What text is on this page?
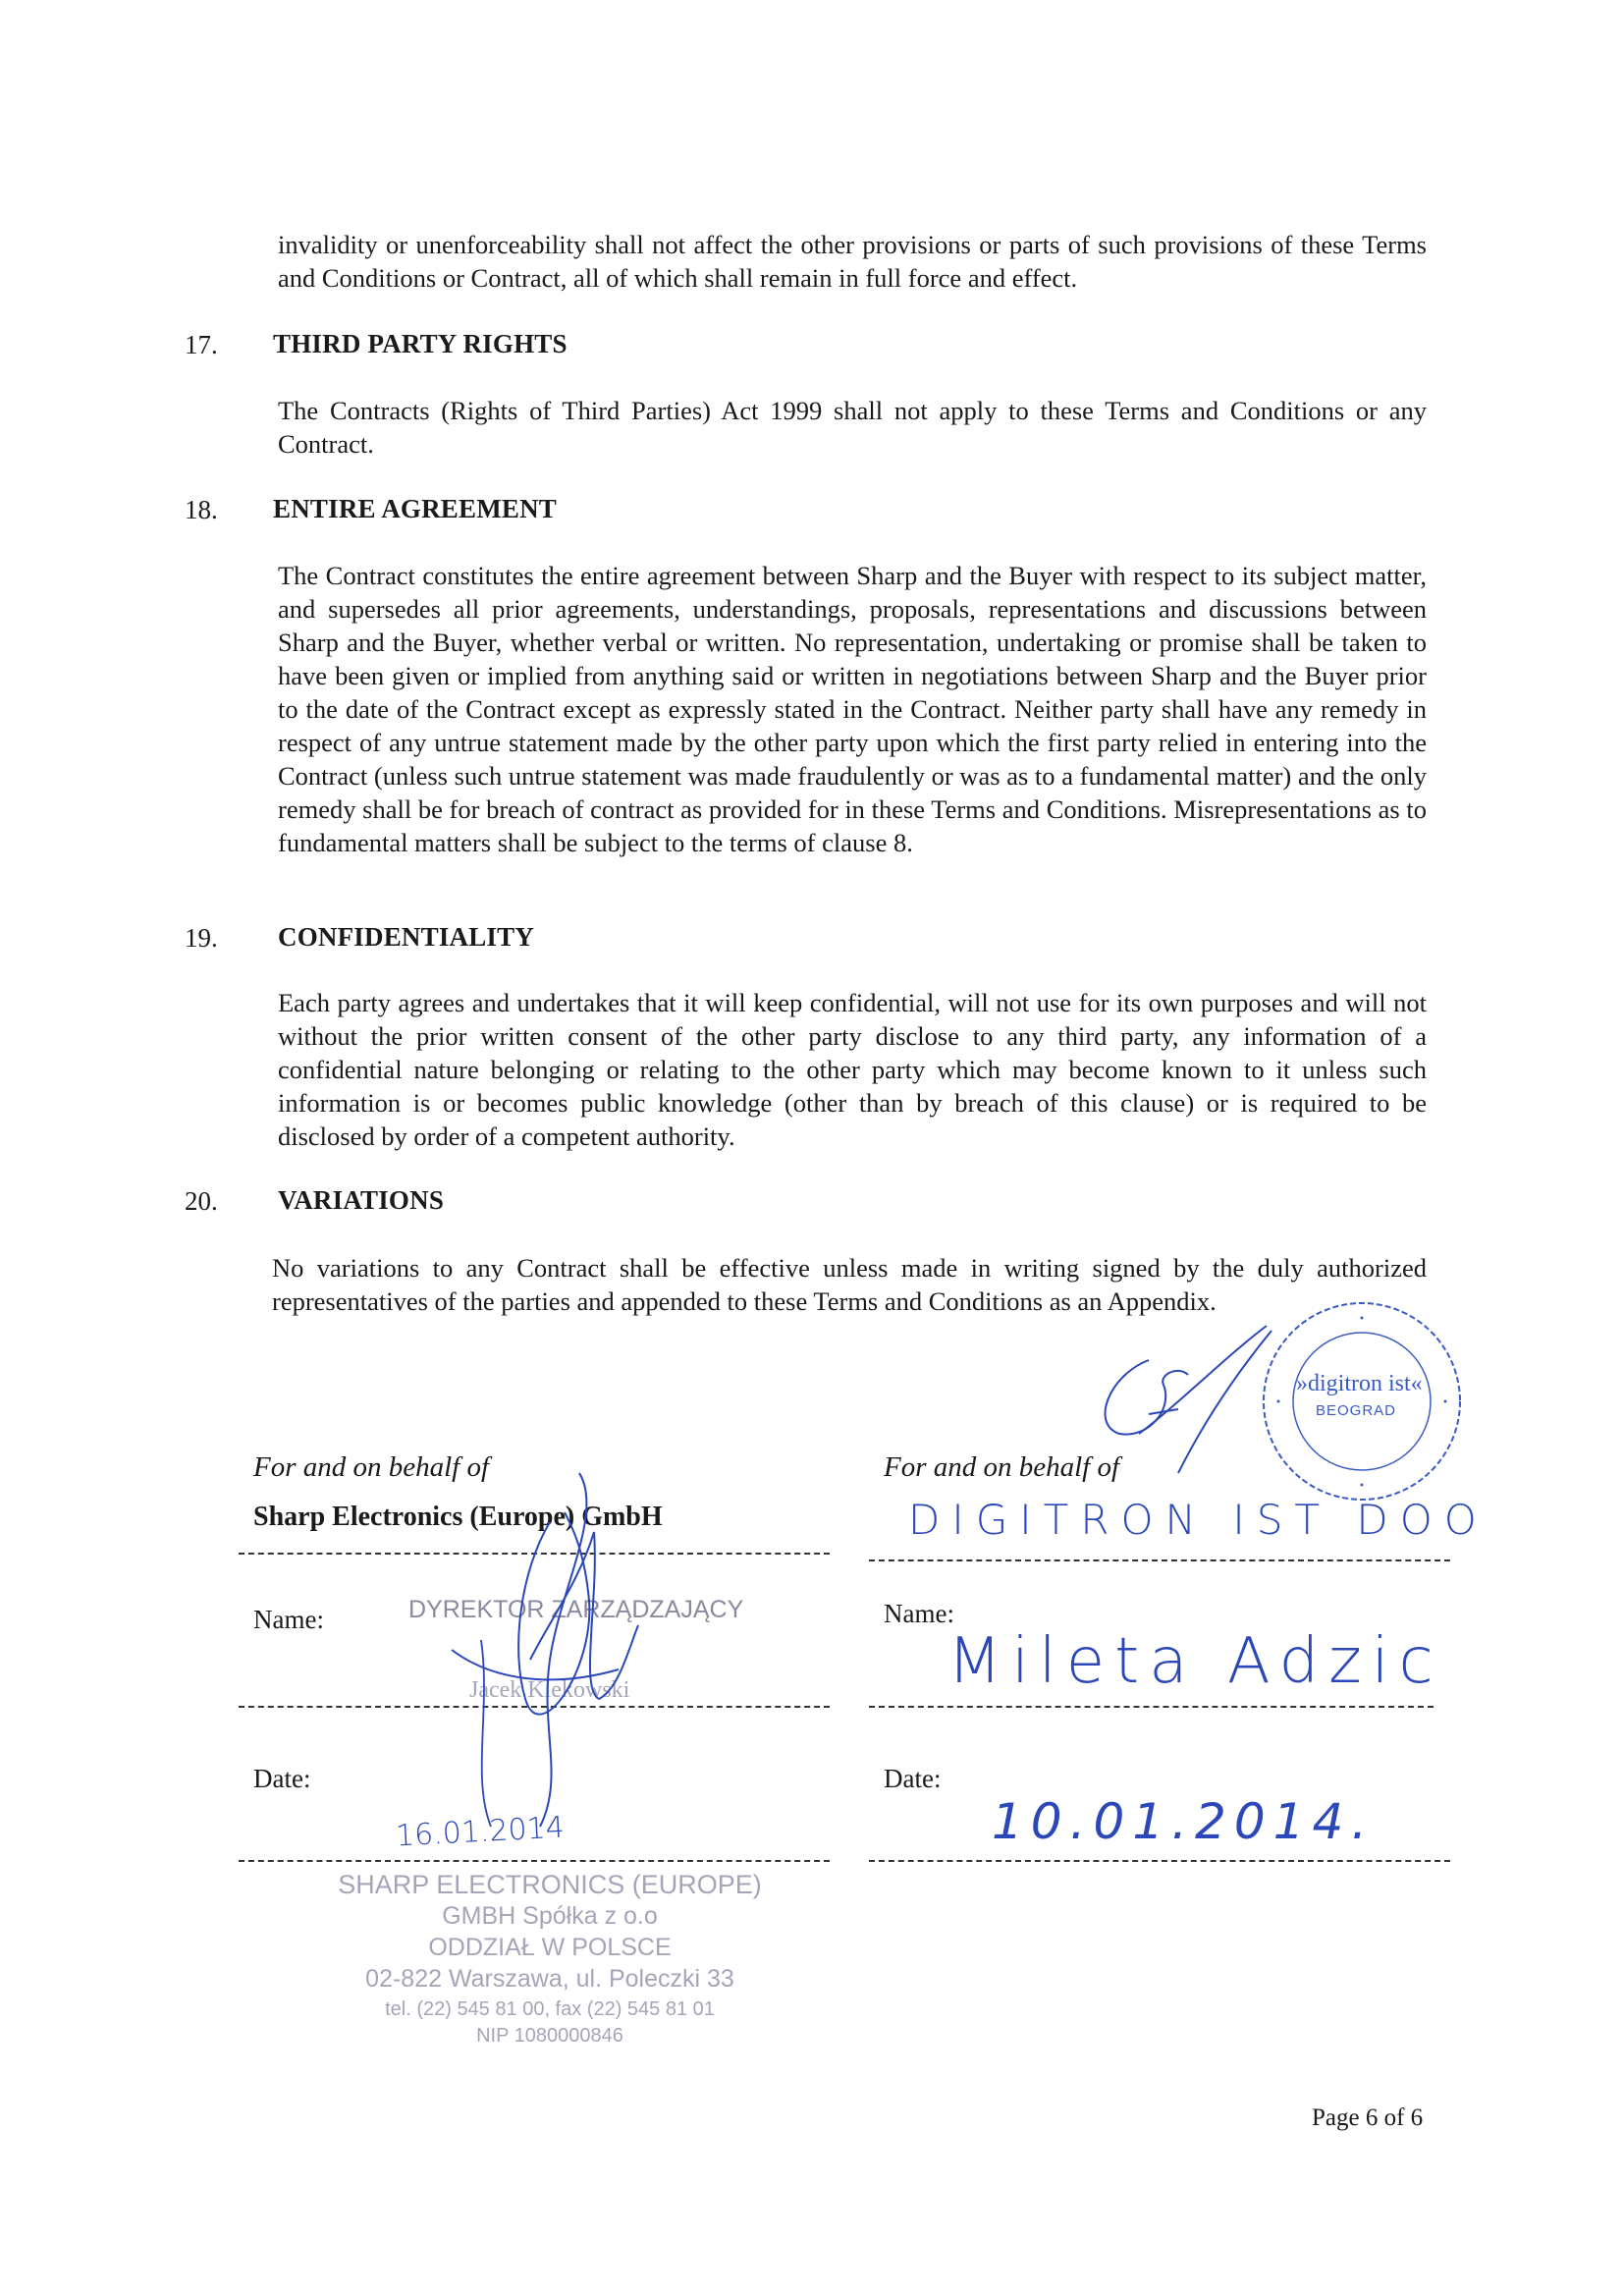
invalidity or unenforceability shall not affect the other provisions or parts of such provisions of these Terms and Conditions or Contract, all of which shall remain in full force and effect.

17. THIRD PARTY RIGHTS

The Contracts (Rights of Third Parties) Act 1999 shall not apply to these Terms and Conditions or any Contract.

18. ENTIRE AGREEMENT

The Contract constitutes the entire agreement between Sharp and the Buyer with respect to its subject matter, and supersedes all prior agreements, understandings, proposals, representations and discussions between Sharp and the Buyer, whether verbal or written. No representation, undertaking or promise shall be taken to have been given or implied from anything said or written in negotiations between Sharp and the Buyer prior to the date of the Contract except as expressly stated in the Contract. Neither party shall have any remedy in respect of any untrue statement made by the other party upon which the first party relied in entering into the Contract (unless such untrue statement was made fraudulently or was as to a fundamental matter) and the only remedy shall be for breach of contract as provided for in these Terms and Conditions. Misrepresentations as to fundamental matters shall be subject to the terms of clause 8.

19. CONFIDENTIALITY

Each party agrees and undertakes that it will keep confidential, will not use for its own purposes and will not without the prior written consent of the other party disclose to any third party, any information of a confidential nature belonging or relating to the other party which may become known to it unless such information is or becomes public knowledge (other than by breach of this clause) or is required to be disclosed by order of a competent authority.

20. VARIATIONS

No variations to any Contract shall be effective unless made in writing signed by the duly authorized representatives of the parties and appended to these Terms and Conditions as an Appendix.

For and on behalf of
Sharp Electronics (Europe) GmbH
Name:	DYREKTOR ZARZĄDZAJĄCY
Jacek Klekowski
Date:
16.01.2014
SHARP ELECTRONICS (EUROPE)
GMBH Spółka z o.o
ODDZIAŁ W POLSCE
02-822 Warszawa, ul. Poleczki 33
tel. (22) 545 81 00, fax (22) 545 81 01
NIP 1080000846
For and on behalf of
DIGITRON IST DOO
Name:
Mileta Adzic
Date:
10.01.2014.
»digitron ist«
BEOGRAD
Page 6 of 6
